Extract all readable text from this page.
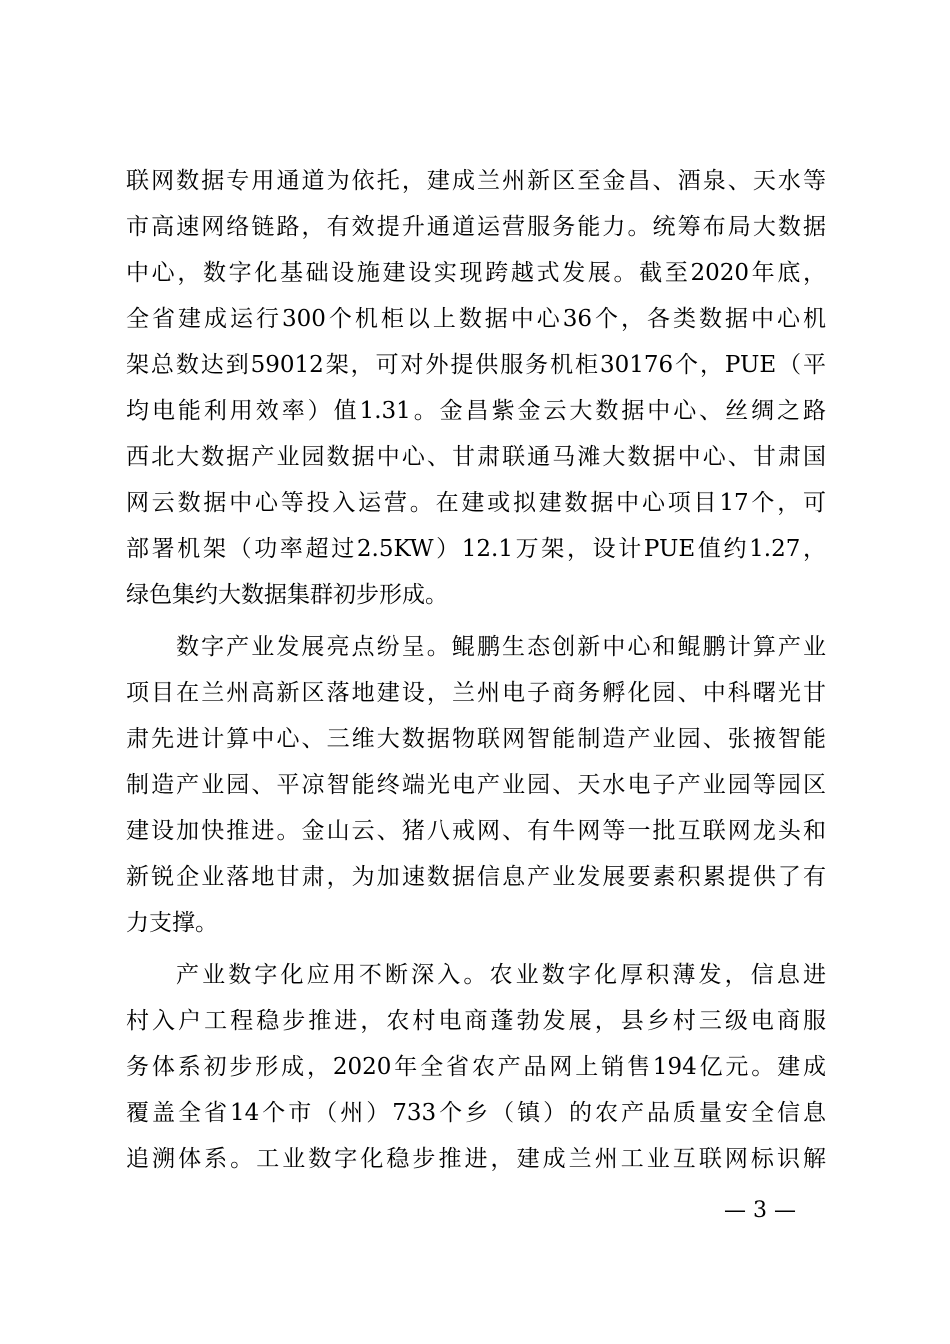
联网数据专用通道为依托，建成兰州新区至金昌、酒泉、天水等
市高速网络链路，有效提升通道运营服务能力。统筹布局大数据
中心，数字化基础设施建设实现跨越式发展。截至2020年底，
全省建成运行300个机柜以上数据中心36个，各类数据中心机
架总数达到59012架，可对外提供服务机柜30176个，PUE（平
均电能利用效率）值1.31。金昌紫金云大数据中心、丝绸之路
西北大数据产业园数据中心、甘肃联通马滩大数据中心、甘肃国
网云数据中心等投入运营。在建或拟建数据中心项目17个，可
部署机架（功率超过2.5KW）12.1万架，设计PUE值约1.27，
绿色集约大数据集群初步形成。
数字产业发展亮点纷呈。鲲鹏生态创新中心和鲲鹏计算产业
项目在兰州高新区落地建设，兰州电子商务孵化园、中科曙光甘
肃先进计算中心、三维大数据物联网智能制造产业园、张掖智能
制造产业园、平凉智能终端光电产业园、天水电子产业园等园区
建设加快推进。金山云、猪八戒网、有牛网等一批互联网龙头和
新锐企业落地甘肃，为加速数据信息产业发展要素积累提供了有
力支撑。
产业数字化应用不断深入。农业数字化厚积薄发，信息进
村入户工程稳步推进，农村电商蓬勃发展，县乡村三级电商服
务体系初步形成，2020年全省农产品网上销售194亿元。建成
覆盖全省14个市（州）733个乡（镇）的农产品质量安全信息
追溯体系。工业数字化稳步推进，建成兰州工业互联网标识解
— 3 —
